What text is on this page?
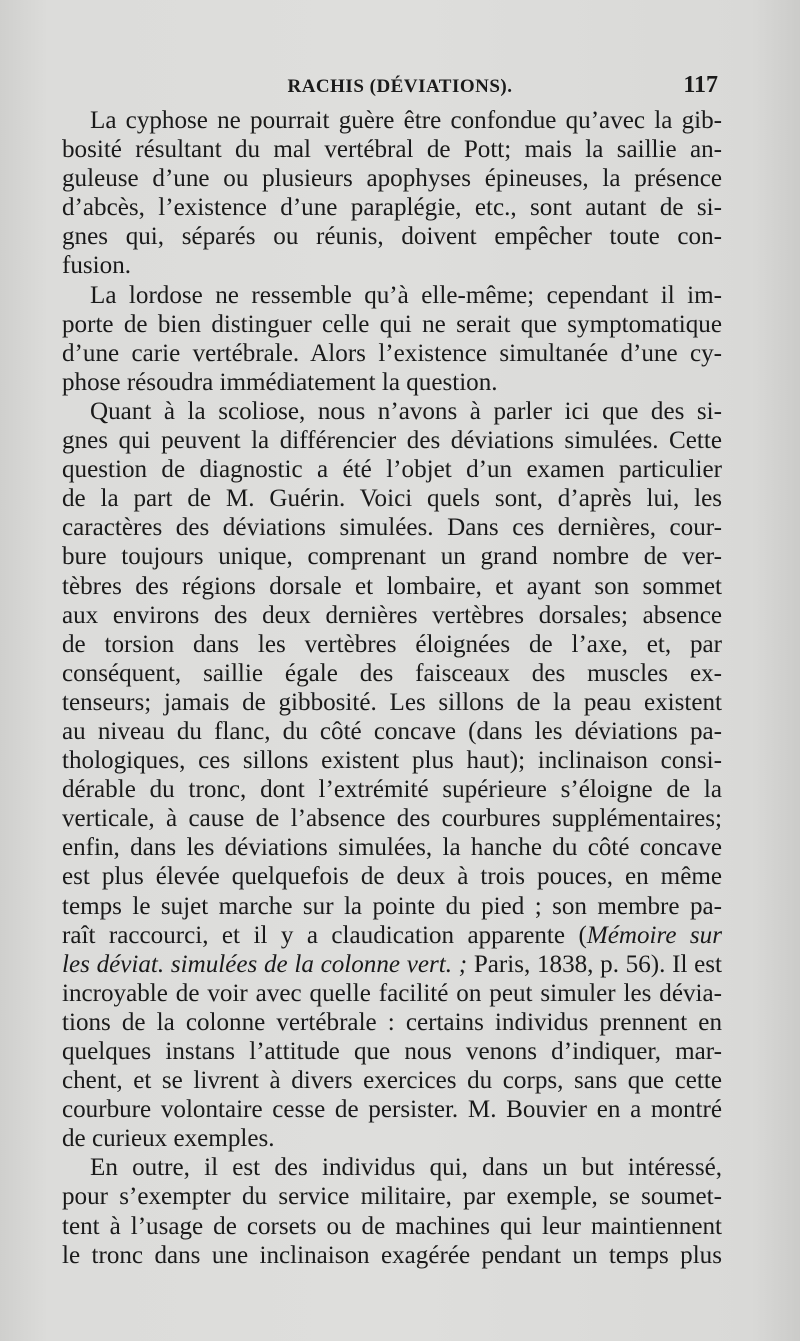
RACHIS (DÉVIATIONS).	117
La cyphose ne pourrait guère être confondue qu’avec la gib-
bosité résultant du mal vertébral de Pott; mais la saillie an-
guleuse d’une ou plusieurs apophyses épineuses, la présence
d’abcès, l’existence d’une paraplégie, etc., sont autant de si-
gnes qui, séparés ou réunis, doivent empêcher toute con-
fusion.
La lordose ne ressemble qu’à elle-même; cependant il im-
porte de bien distinguer celle qui ne serait que symptomatique
d’une carie vertébrale. Alors l’existence simultanée d’une cy-
phose résoudra immédiatement la question.
Quant à la scoliose, nous n’avons à parler ici que des si-
gnes qui peuvent la différencier des déviations simulées. Cette
question de diagnostic a été l’objet d’un examen particulier
de la part de M. Guérin. Voici quels sont, d’après lui, les
caractères des déviations simulées. Dans ces dernières, cour-
bure toujours unique, comprenant un grand nombre de ver-
tèbres des régions dorsale et lombaire, et ayant son sommet
aux environs des deux dernières vertèbres dorsales; absence
de torsion dans les vertèbres éloignées de l’axe, et, par
conséquent, saillie égale des faisceaux des muscles ex-
tenseurs; jamais de gibbosité. Les sillons de la peau existent
au niveau du flanc, du côté concave (dans les déviations pa-
thologiques, ces sillons existent plus haut); inclinaison consi-
dérable du tronc, dont l’extrémité supérieure s’éloigne de la
verticale, à cause de l’absence des courbures supplémentaires;
enfin, dans les déviations simulées, la hanche du côté concave
est plus élevée quelquefois de deux à trois pouces, en même
temps le sujet marche sur la pointe du pied ; son membre pa-
raît raccourci, et il y a claudication apparente (Mémoire sur
les déviat. simulées de la colonne vert. ; Paris, 1838, p. 56). Il est
incroyable de voir avec quelle facilité on peut simuler les dévia-
tions de la colonne vertébrale : certains individus prennent en
quelques instans l’attitude que nous venons d’indiquer, mar-
chent, et se livrent à divers exercices du corps, sans que cette
courbure volontaire cesse de persister. M. Bouvier en a montré
de curieux exemples.
En outre, il est des individus qui, dans un but intéressé,
pour s’exempter du service militaire, par exemple, se soumet-
tent à l’usage de corsets ou de machines qui leur maintiennent
le tronc dans une inclinaison exagérée pendant un temps plus
